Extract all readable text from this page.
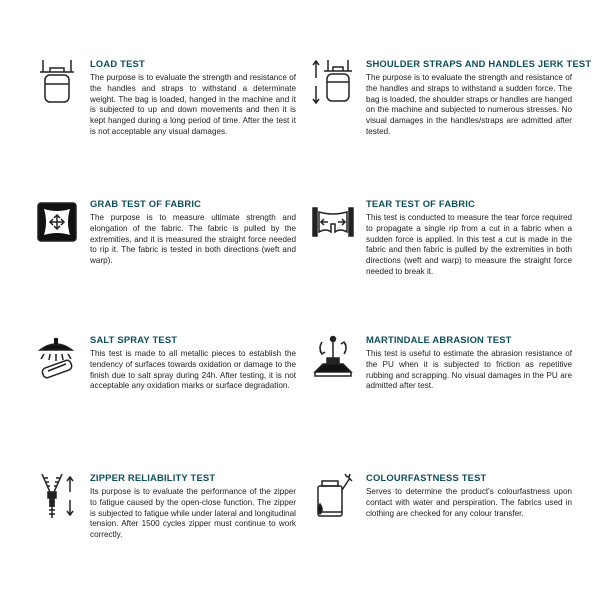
LOAD TEST

The purpose is to evaluate the strength and resistance of the handles and straps to withstand a determinate weight. The bag is loaded, hanged in the machine and it is subjected to up and down movements and then it is kept hanged during a long period of time. After the test it is not acceptable any visual damages.

SHOULDER STRAPS AND HANDLES JERK TEST

The purpose is to evaluate the strength and resistance of the handles and straps to withstand a sudden force. The bag is loaded, the shoulder straps or handles are hanged on the machine and subjected to numerous stresses. No visual damages in the handles/straps are admitted after tested.

GRAB TEST OF FABRIC

The purpose is to measure ultimate strength and elongation of the fabric. The fabric is pulled by the extremities, and it is measured the straight force needed to rip it. The fabric is tested in both directions (weft and warp).

TEAR TEST OF FABRIC

This test is conducted to measure the tear force required to propagate a single rip from a cut in a fabric when a sudden force is applied. In this test a cut is made in the fabric and then fabric is pulled by the extremities in both directions (weft and warp) to measure the straight force needed to break it.

SALT SPRAY TEST

This test is made to all metallic pieces to establish the tendency of surfaces towards oxidation or damage to the finish due to salt spray during 24h. After testing, it is not acceptable any oxidation marks or surface degradation.

MARTINDALE ABRASION TEST

This test is useful to estimate the abrasion resistance of the PU when it is subjected to friction as repetitive rubbing and scrapping. No visual damages in the PU are admitted after test.

ZIPPER RELIABILITY TEST

Its purpose is to evaluate the performance of the zipper to fatigue caused by the open-close function. The zipper is subjected to fatigue while under lateral and longitudinal tension. After 1500 cycles zipper must continue to work correctly.

COLOURFASTNESS TEST

Serves to determine the product's colourfastness upon contact with water and perspiration. The fabrics used in clothing are checked for any colour transfer.
